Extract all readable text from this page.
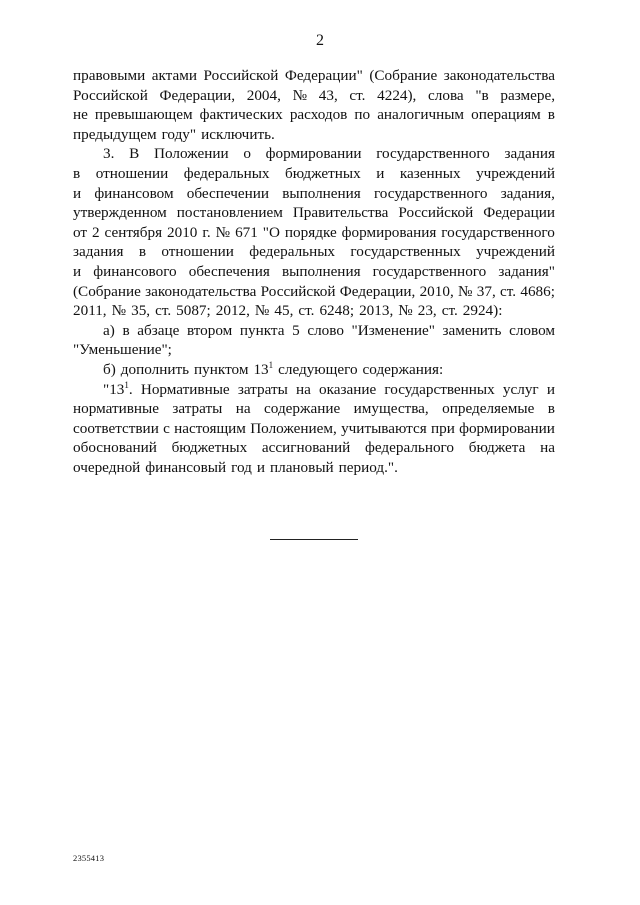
2
правовыми актами Российской Федерации" (Собрание законодательства
Российской Федерации, 2004, № 43, ст. 4224), слова "в размере,
не превышающем фактических расходов по аналогичным операциям в
предыдущем году" исключить.
3. В Положении о формировании государственного задания
в отношении федеральных бюджетных и казенных учреждений
и финансовом обеспечении выполнения государственного задания,
утвержденном постановлением Правительства Российской Федерации
от 2 сентября 2010 г. № 671 "О порядке формирования государственного
задания в отношении федеральных государственных учреждений
и финансового обеспечения выполнения государственного задания"
(Собрание законодательства Российской Федерации, 2010, № 37, ст. 4686;
2011, № 35, ст. 5087; 2012, № 45, ст. 6248; 2013, № 23, ст. 2924):
а) в абзаце втором пункта 5 слово "Изменение" заменить словом
"Уменьшение";
б) дополнить пунктом $13^1$ следующего содержания:
"$13^1$. Нормативные затраты на оказание государственных услуг и
нормативные затраты на содержание имущества, определяемые в
соответствии с настоящим Положением, учитываются при формировании
обоснований бюджетных ассигнований федерального бюджета на
очередной финансовый год и плановый период.".
2355413
